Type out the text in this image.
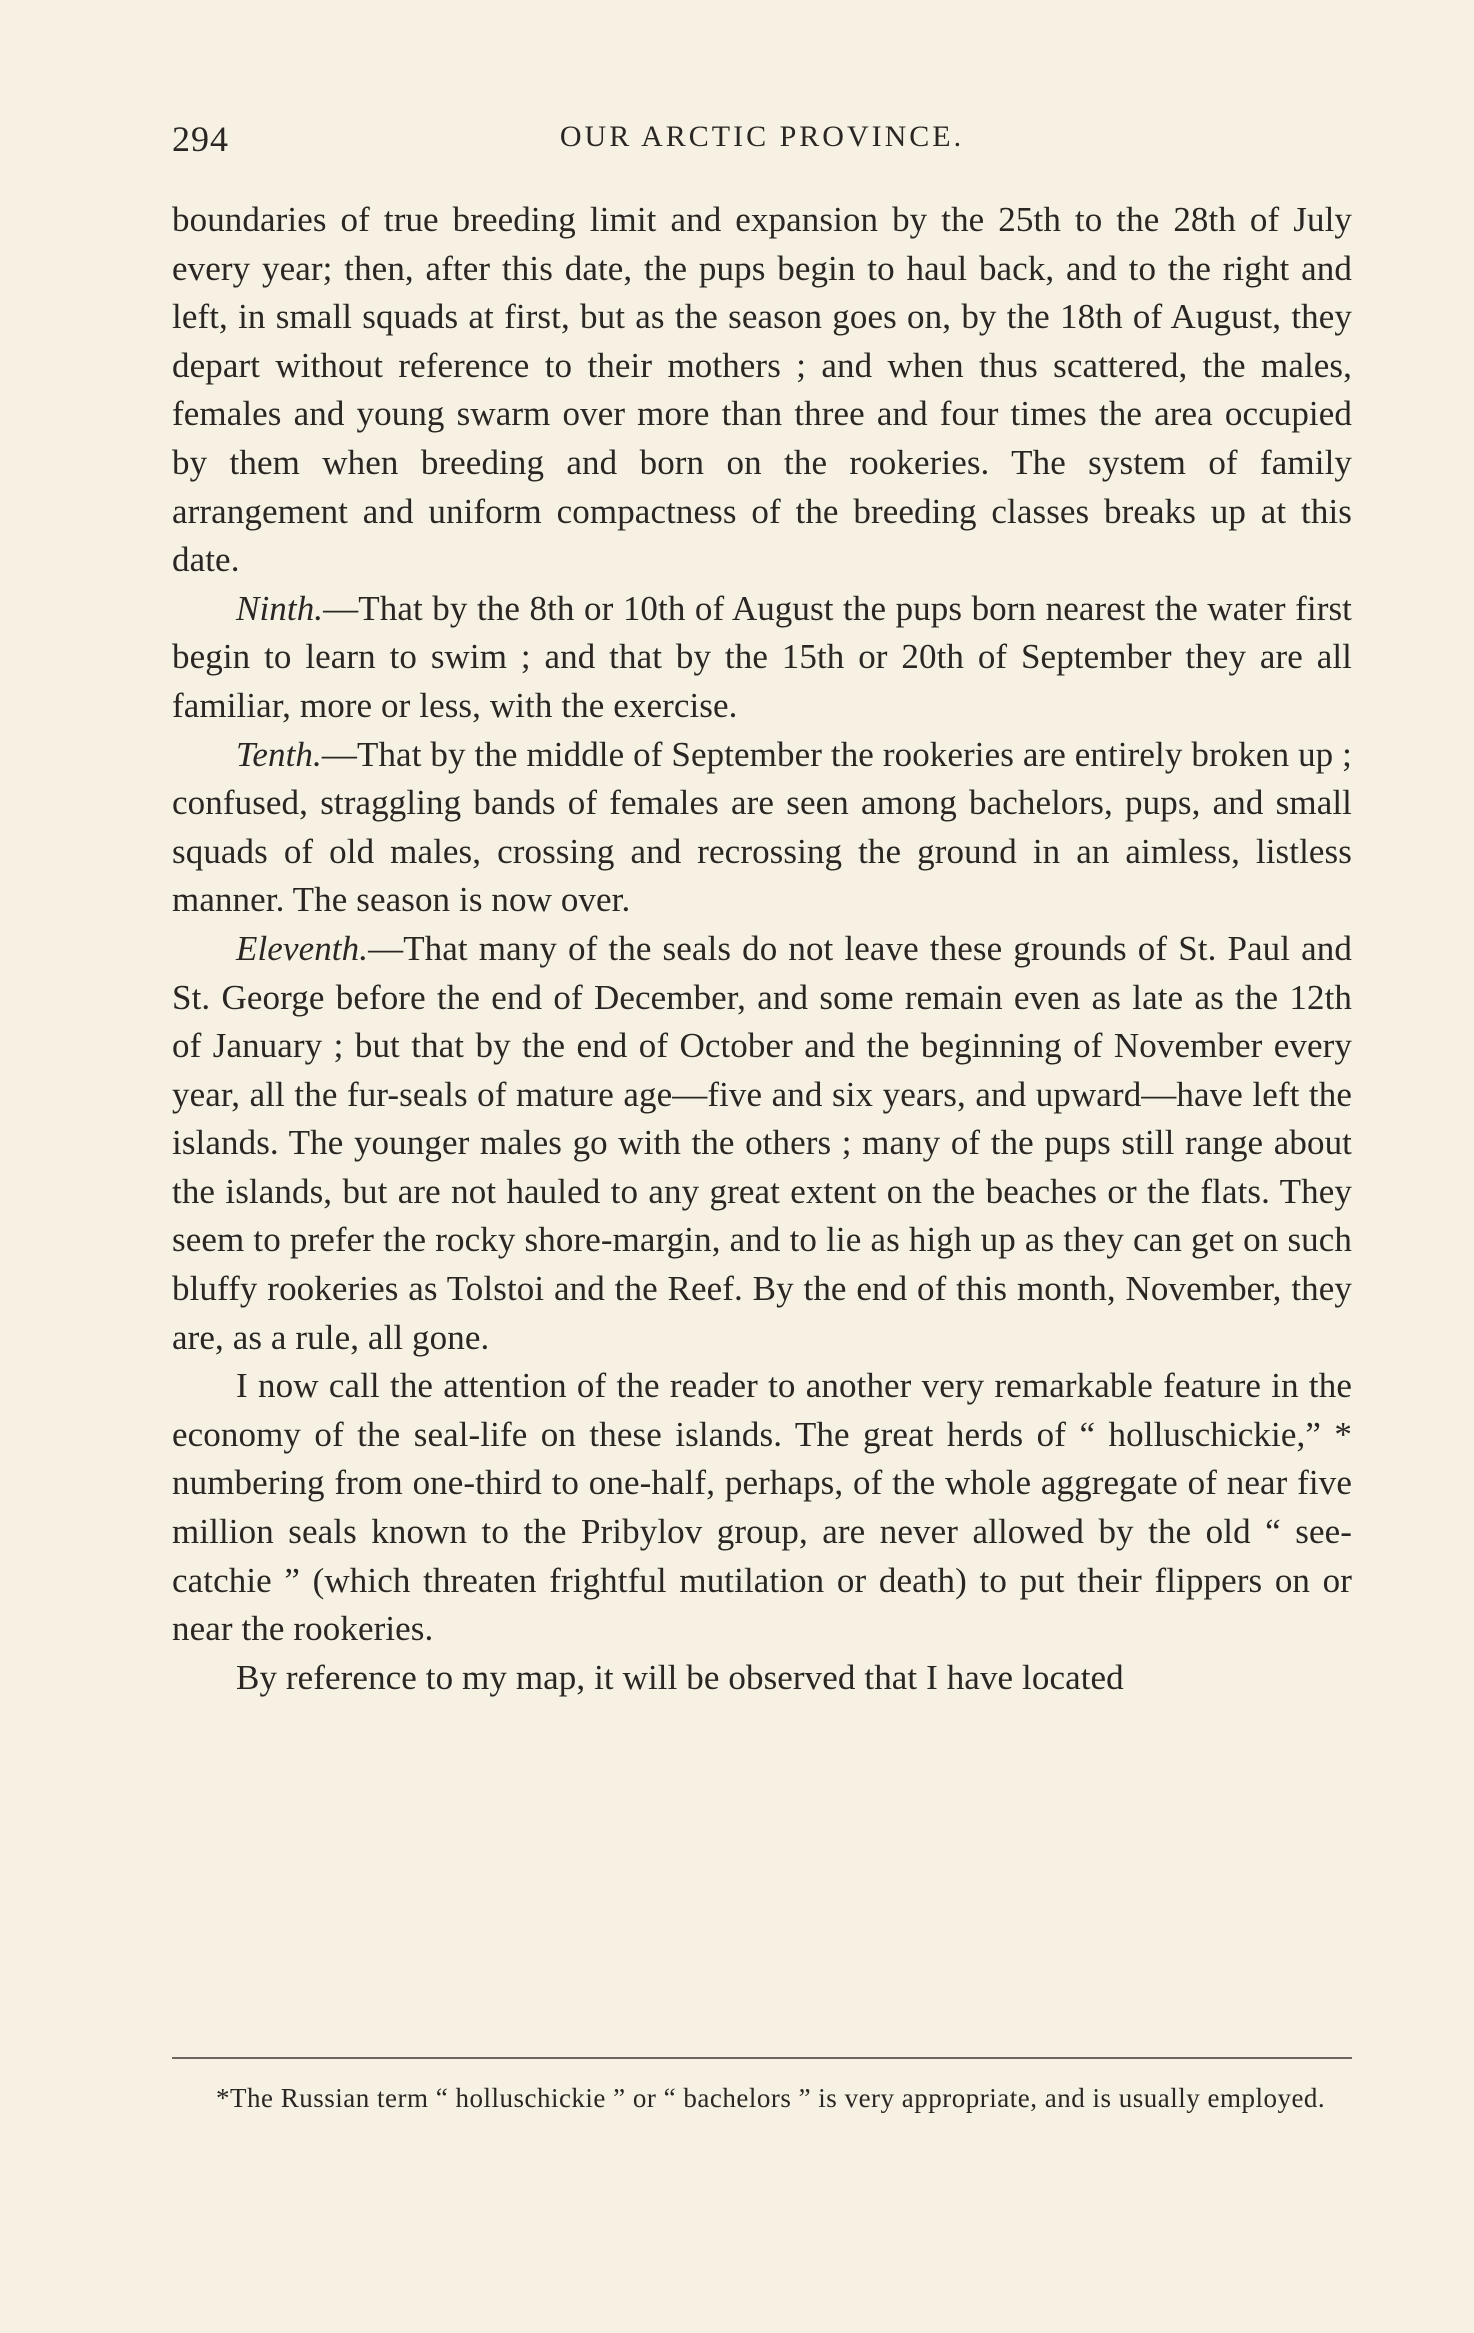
294	OUR ARCTIC PROVINCE.

boundaries of true breeding limit and expansion by the 25th to the 28th of July every year; then, after this date, the pups begin to haul back, and to the right and left, in small squads at first, but as the season goes on, by the 18th of August, they depart without reference to their mothers ; and when thus scattered, the males, females and young swarm over more than three and four times the area occupied by them when breeding and born on the rookeries. The system of family arrangement and uniform compactness of the breeding classes breaks up at this date.

Ninth.—That by the 8th or 10th of August the pups born nearest the water first begin to learn to swim ; and that by the 15th or 20th of September they are all familiar, more or less, with the exercise.

Tenth.—That by the middle of September the rookeries are entirely broken up ; confused, straggling bands of females are seen among bachelors, pups, and small squads of old males, crossing and recrossing the ground in an aimless, listless manner. The season is now over.

Eleventh.—That many of the seals do not leave these grounds of St. Paul and St. George before the end of December, and some remain even as late as the 12th of January ; but that by the end of October and the beginning of November every year, all the fur-seals of mature age—five and six years, and upward—have left the islands. The younger males go with the others ; many of the pups still range about the islands, but are not hauled to any great extent on the beaches or the flats. They seem to prefer the rocky shore-margin, and to lie as high up as they can get on such bluffy rookeries as Tolstoi and the Reef. By the end of this month, November, they are, as a rule, all gone.

I now call the attention of the reader to another very remarkable feature in the economy of the seal-life on these islands. The great herds of “ holluschickie,” * numbering from one-third to one-half, perhaps, of the whole aggregate of near five million seals known to the Pribylov group, are never allowed by the old “ see-catchie ” (which threaten frightful mutilation or death) to put their flippers on or near the rookeries.

By reference to my map, it will be observed that I have located

*The Russian term “ holluschickie ” or “ bachelors ” is very appropriate, and is usually employed.
